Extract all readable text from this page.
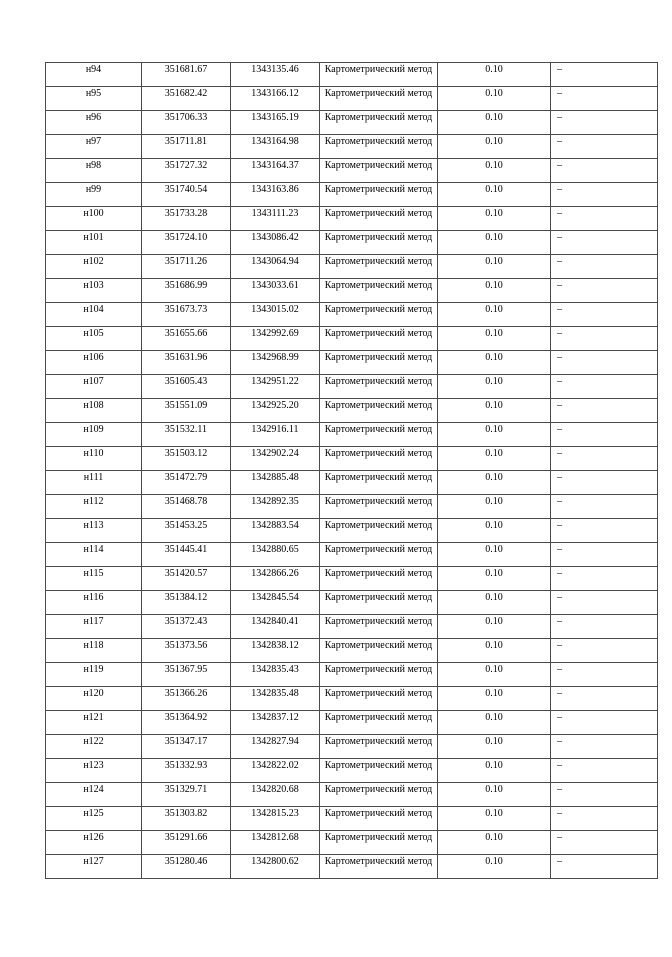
н94	351681.67	1343135.46	Картометрический метод	0.10	–

н95	351682.42	1343166.12	Картометрический метод	0.10	–

н96	351706.33	1343165.19	Картометрический метод	0.10	–

н97	351711.81	1343164.98	Картометрический метод	0.10	–

н98	351727.32	1343164.37	Картометрический метод	0.10	–

н99	351740.54	1343163.86	Картометрический метод	0.10	–

н100	351733.28	1343111.23	Картометрический метод	0.10	–

н101	351724.10	1343086.42	Картометрический метод	0.10	–

н102	351711.26	1343064.94	Картометрический метод	0.10	–

н103	351686.99	1343033.61	Картометрический метод	0.10	–

н104	351673.73	1343015.02	Картометрический метод	0.10	–

н105	351655.66	1342992.69	Картометрический метод	0.10	–

н106	351631.96	1342968.99	Картометрический метод	0.10	–

н107	351605.43	1342951.22	Картометрический метод	0.10	–

н108	351551.09	1342925.20	Картометрический метод	0.10	–

н109	351532.11	1342916.11	Картометрический метод	0.10	–

н110	351503.12	1342902.24	Картометрический метод	0.10	–

н111	351472.79	1342885.48	Картометрический метод	0.10	–

н112	351468.78	1342892.35	Картометрический метод	0.10	–

н113	351453.25	1342883.54	Картометрический метод	0.10	–

н114	351445.41	1342880.65	Картометрический метод	0.10	–

н115	351420.57	1342866.26	Картометрический метод	0.10	–

н116	351384.12	1342845.54	Картометрический метод	0.10	–

н117	351372.43	1342840.41	Картометрический метод	0.10	–

н118	351373.56	1342838.12	Картометрический метод	0.10	–

н119	351367.95	1342835.43	Картометрический метод	0.10	–

н120	351366.26	1342835.48	Картометрический метод	0.10	–

н121	351364.92	1342837.12	Картометрический метод	0.10	–

н122	351347.17	1342827.94	Картометрический метод	0.10	–

н123	351332.93	1342822.02	Картометрический метод	0.10	–

н124	351329.71	1342820.68	Картометрический метод	0.10	–

н125	351303.82	1342815.23	Картометрический метод	0.10	–

н126	351291.66	1342812.68	Картометрический метод	0.10	–

н127	351280.46	1342800.62	Картометрический метод	0.10	–
